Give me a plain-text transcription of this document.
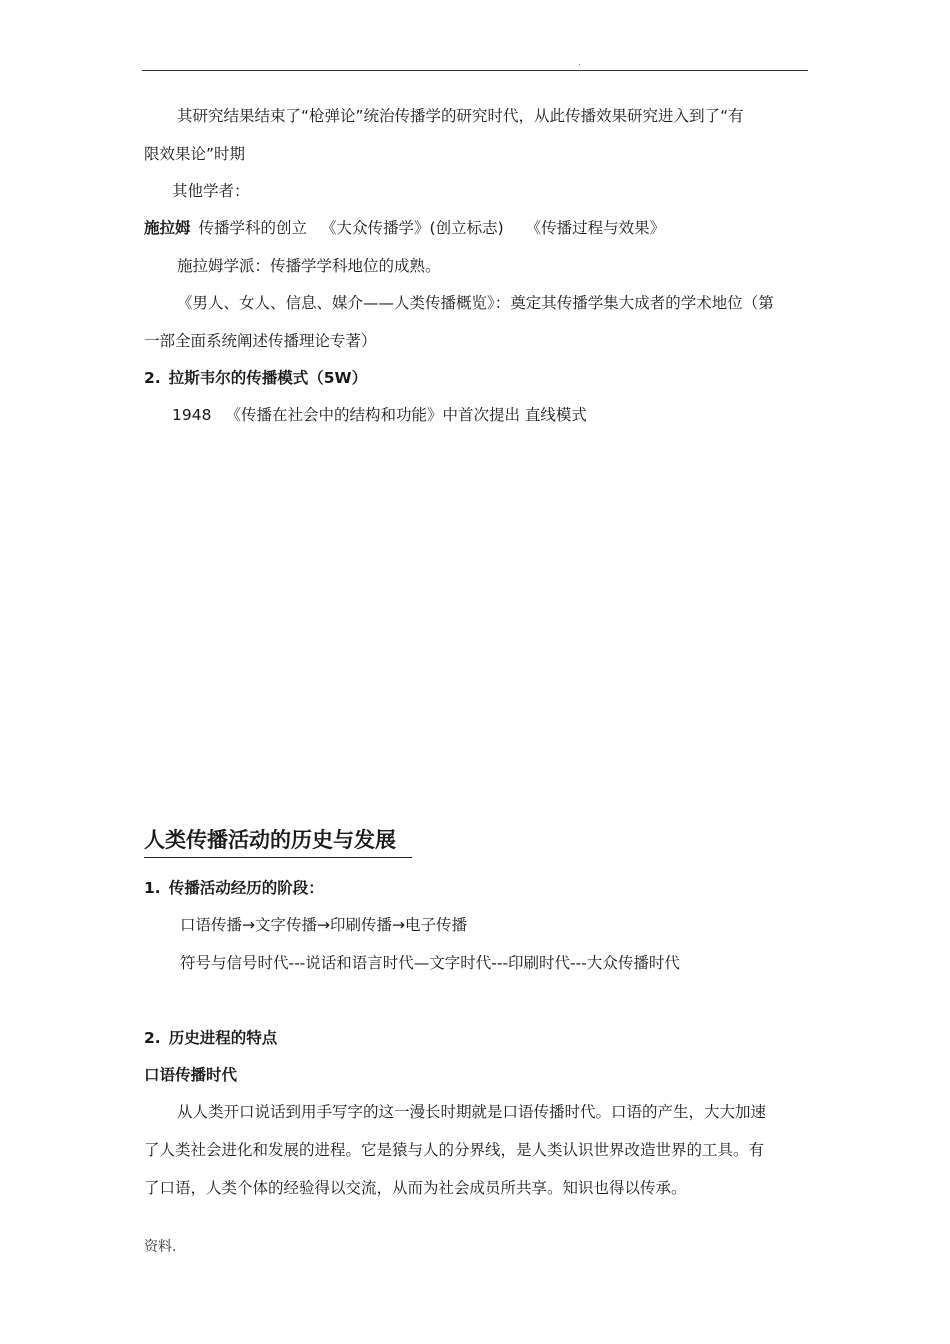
.
其研究结果结束了“枪弹论”统治传播学的研究时代，从此传播效果研究进入到了“有
限效果论”时期
其他学者：
施拉姆 传播学科的创立 《大众传播学》(创立标志) 《传播过程与效果》
施拉姆学派：传播学学科地位的成熟。
《男人、女人、信息、媒介——人类传播概览》：奠定其传播学集大成者的学术地位（第
一部全面系统阐述传播理论专著）
2. 拉斯韦尔的传播模式（5W）
1948 《传播在社会中的结构和功能》中首次提出 直线模式
人类传播活动的历史与发展
1. 传播活动经历的阶段：
口语传播→文字传播→印刷传播→电子传播
符号与信号时代---说话和语言时代—文字时代---印刷时代---大众传播时代
2. 历史进程的特点
口语传播时代
从人类开口说话到用手写字的这一漫长时期就是口语传播时代。口语的产生，大大加速
了人类社会进化和发展的进程。它是猿与人的分界线，是人类认识世界改造世界的工具。有
了口语，人类个体的经验得以交流，从而为社会成员所共享。知识也得以传承。
资料.
